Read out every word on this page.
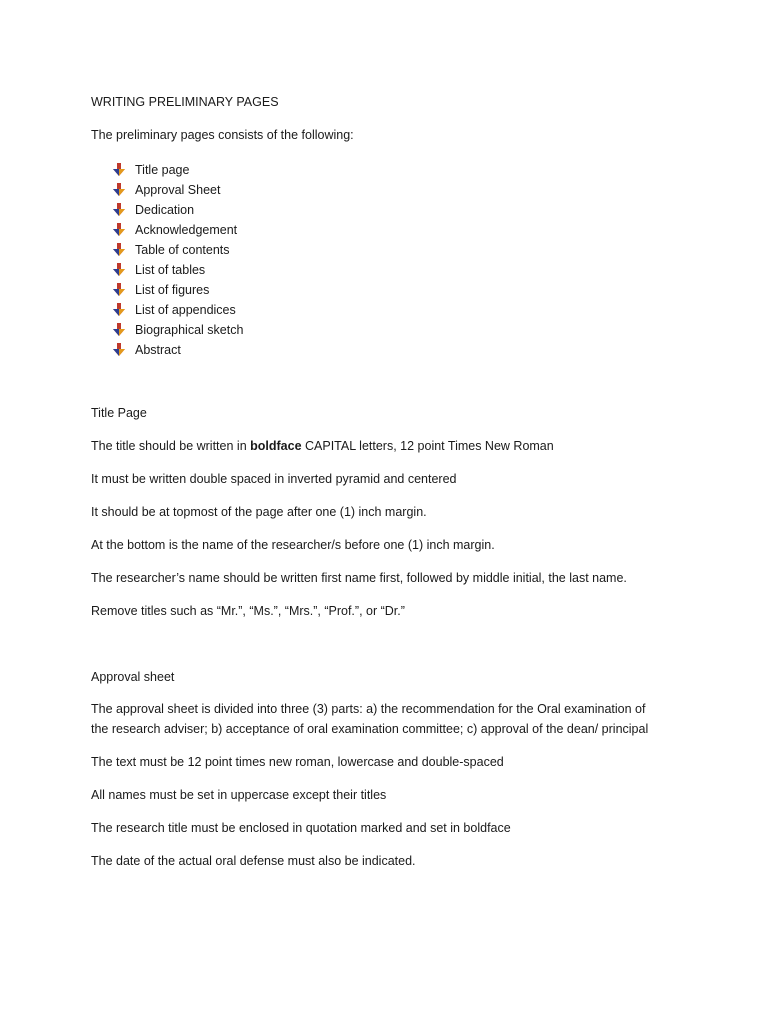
WRITING PRELIMINARY PAGES
The preliminary pages consists of the following:
Title page
Approval Sheet
Dedication
Acknowledgement
Table of contents
List of tables
List of figures
List of appendices
Biographical sketch
Abstract
Title Page
The title should be written in boldface CAPITAL letters, 12 point Times New Roman
It must be written double spaced in inverted pyramid and centered
It should be at topmost of the page after one (1) inch margin.
At the bottom is the name of the researcher/s before one (1) inch margin.
The researcher’s name should be written first name first, followed by middle initial, the last name.
Remove titles such as “Mr.”, “Ms.”, “Mrs.”, “Prof.”, or “Dr.”
Approval sheet
The approval sheet is divided into three (3) parts: a) the recommendation for the Oral examination of
the research adviser; b) acceptance of oral examination committee; c) approval of the dean/ principal
The text must be 12 point times new roman, lowercase and double-spaced
All names must be set in uppercase except their titles
The research title must be enclosed in quotation marked and set in boldface
The date of the actual oral defense must also be indicated.
